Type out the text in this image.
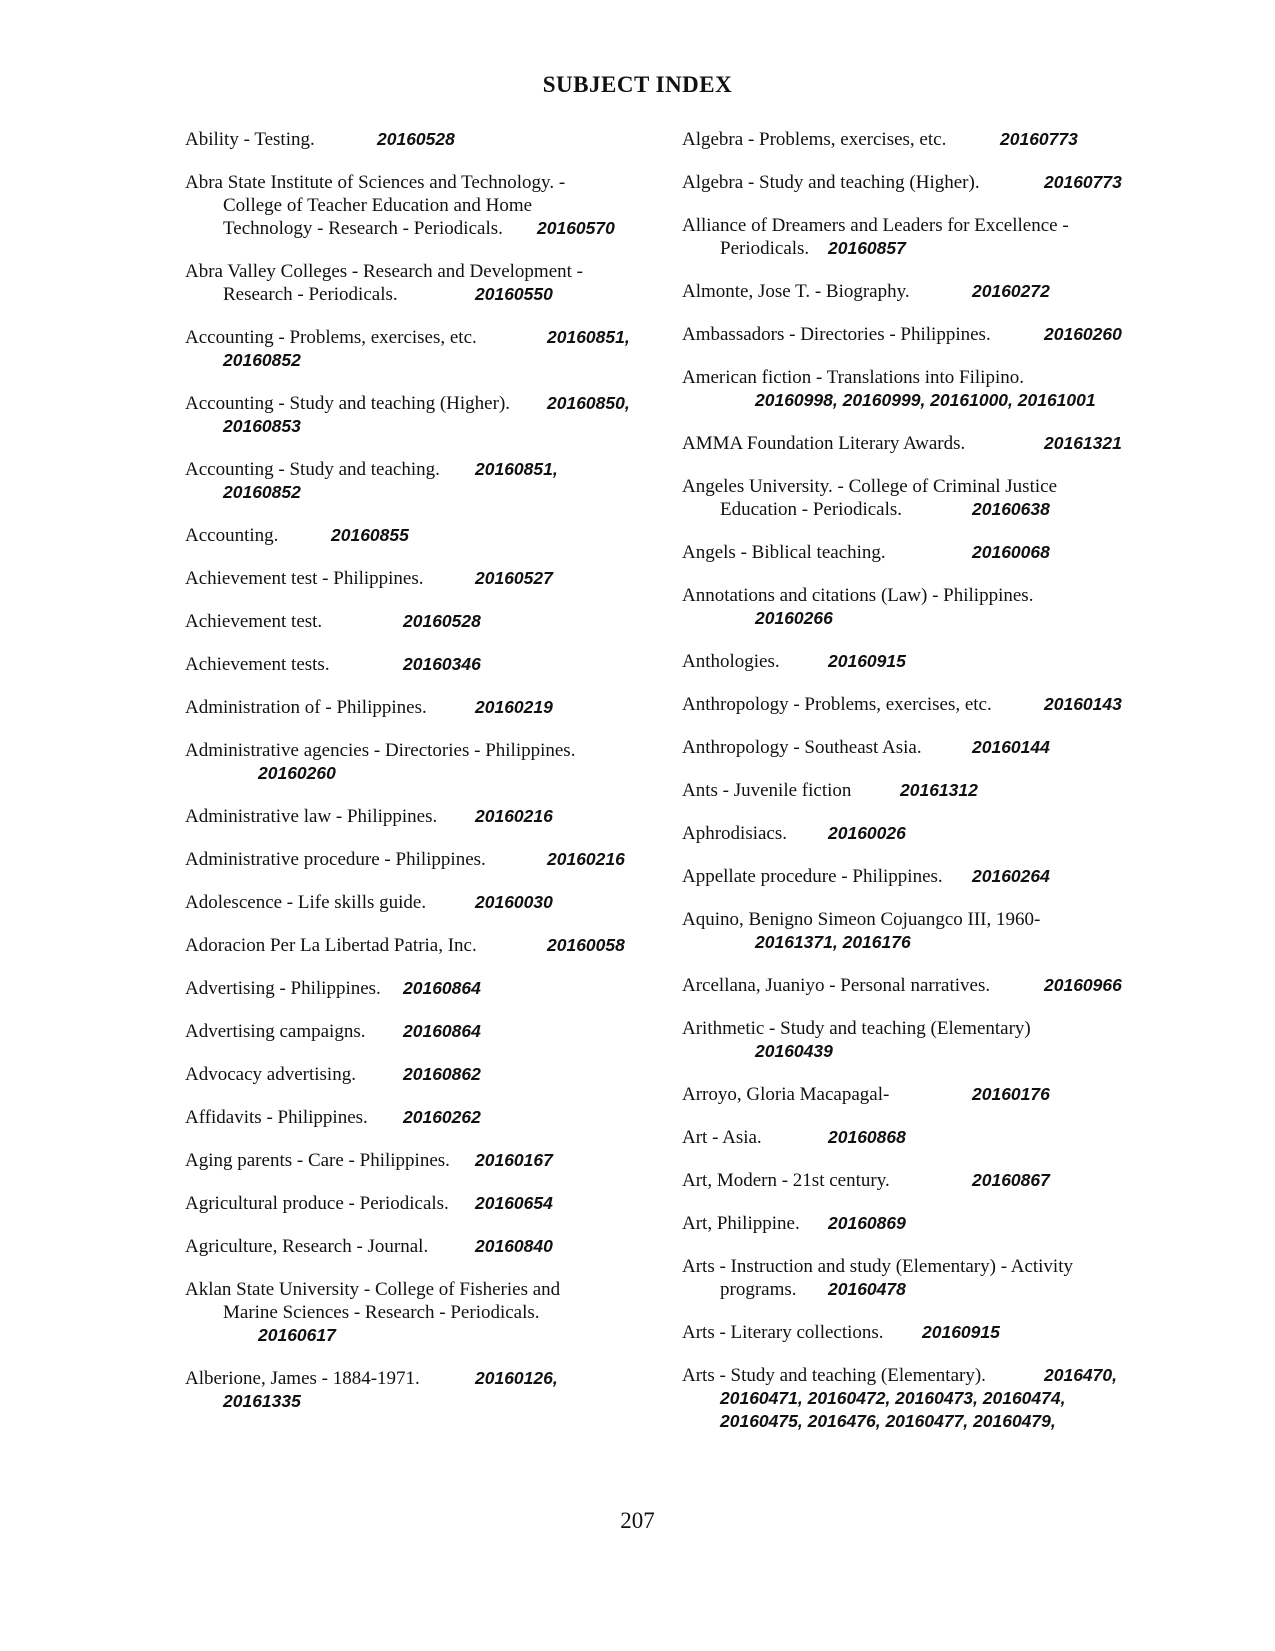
SUBJECT INDEX
Ability - Testing.	20160528
Abra State Institute of Sciences and Technology. -
College of Teacher Education and Home
Technology - Research - Periodicals. 20160570
Abra Valley Colleges - Research and Development -
Research - Periodicals.	20160550
Accounting - Problems, exercises, etc.	20160851,
20160852
Accounting - Study and teaching (Higher). 20160850,
20160853
Accounting - Study and teaching. 20160851,
20160852
Accounting.	20160855
Achievement test - Philippines.	20160527
Achievement test.	20160528
Achievement tests.	20160346
Administration of - Philippines.	20160219
Administrative agencies - Directories - Philippines.
20160260
Administrative law - Philippines. 20160216
Administrative procedure - Philippines.	20160216
Adolescence - Life skills guide.	20160030
Adoracion Per La Libertad Patria, Inc.	20160058
Advertising - Philippines. 20160864
Advertising campaigns. 20160864
Advocacy advertising.	20160862
Affidavits - Philippines. 20160262
Aging parents - Care - Philippines. 20160167
Agricultural produce - Periodicals. 20160654
Agriculture, Research - Journal.	20160840
Aklan State University - College of Fisheries and
Marine Sciences - Research - Periodicals.
20160617
Alberione, James - 1884-1971.	20160126,
20161335
Algebra - Problems, exercises, etc.	20160773
Algebra - Study and teaching (Higher).	20160773
Alliance of Dreamers and Leaders for Excellence -
Periodicals. 20160857
Almonte, Jose T. - Biography.	20160272
Ambassadors - Directories - Philippines.	20160260
American fiction - Translations into Filipino.
20160998, 20160999, 20161000, 20161001
AMMA Foundation Literary Awards.	20161321
Angeles University. - College of Criminal Justice
Education - Periodicals.	20160638
Angels - Biblical teaching.	20160068
Annotations and citations (Law) - Philippines.
20160266
Anthologies.	20160915
Anthropology - Problems, exercises, etc.	20160143
Anthropology - Southeast Asia.	20160144
Ants - Juvenile fiction	20161312
Aphrodisiacs. 20160026
Appellate procedure - Philippines. 20160264
Aquino, Benigno Simeon Cojuangco III, 1960-
20161371, 2016176
Arcellana, Juaniyo - Personal narratives.	20160966
Arithmetic - Study and teaching (Elementary)
20160439
Arroyo, Gloria Macapagal-	20160176
Art - Asia.	20160868
Art, Modern - 21st century.	20160867
Art, Philippine. 20160869
Arts - Instruction and study (Elementary) - Activity
programs. 20160478
Arts - Literary collections. 20160915
Arts - Study and teaching (Elementary).	2016470,
20160471, 20160472, 20160473, 20160474,
20160475, 2016476, 20160477, 20160479,
207
